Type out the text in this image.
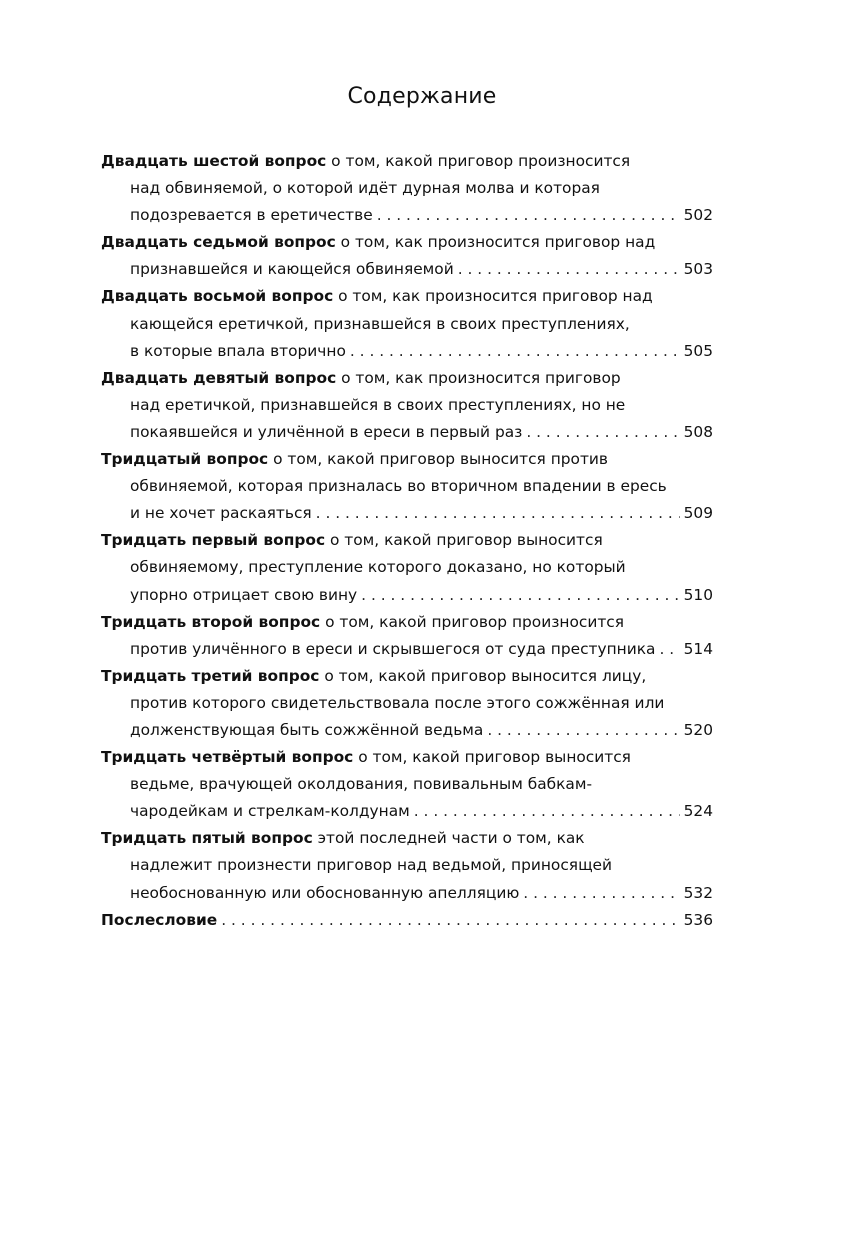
Содержание
Двадцать шестой вопрос о том, какой приговор произносится
над обвиняемой, о которой идёт дурная молва и которая
подозревается в еретичестве . . .	502
Двадцать седьмой вопрос о том, как произносится приговор над
признавшейся и кающейся обвиняемой . . .	503
Двадцать восьмой вопрос о том, как произносится приговор над
кающейся еретичкой, признавшейся в своих преступлениях,
в которые впала вторично . . .	505
Двадцать девятый вопрос о том, как произносится приговор
над еретичкой, признавшейся в своих преступлениях, но не
покаявшейся и уличённой в ереси в первый раз . . .	508
Тридцатый вопрос о том, какой приговор выносится против
обвиняемой, которая призналась во вторичном впадении в ересь
и не хочет раскаяться . . .	509
Тридцать первый вопрос о том, какой приговор выносится
обвиняемому, преступление которого доказано, но который
упорно отрицает свою вину . . .	510
Тридцать второй вопрос о том, какой приговор произносится
против уличённого в ереси и скрывшегося от суда преступника . . . 514
Тридцать третий вопрос о том, какой приговор выносится лицу,
против которого свидетельствовала после этого сожжённая или
долженствующая быть сожжённой ведьма . . .	520
Тридцать четвёртый вопрос о том, какой приговор выносится
ведьме, врачующей околдования, повивальным бабкам-
чародейкам и стрелкам-колдунам . . .	524
Тридцать пятый вопрос этой последней части о том, как
надлежит произнести приговор над ведьмой, приносящей
необоснованную или обоснованную апелляцию . . .	532
Послесловие . . .	536
